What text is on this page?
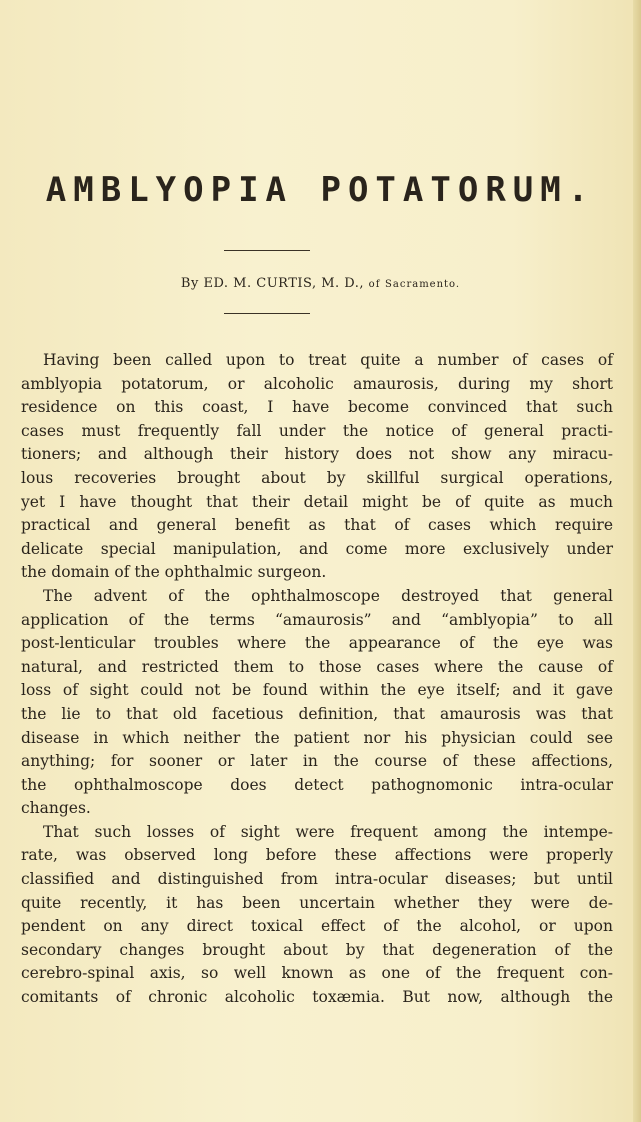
AMBLYOPIA POTATORUM.
By ED. M. CURTIS, M. D., of Sacramento.
Having been called upon to treat quite a number of cases of
amblyopia potatorum, or alcoholic amaurosis, during my short
residence on this coast, I have become convinced that such
cases must frequently fall under the notice of general practi-
tioners; and although their history does not show any miracu-
lous recoveries brought about by skillful surgical operations,
yet I have thought that their detail might be of quite as much
practical and general benefit as that of cases which require
delicate special manipulation, and come more exclusively under
the domain of the ophthalmic surgeon.
The advent of the ophthalmoscope destroyed that general
application of the terms “amaurosis” and “amblyopia” to all
post-lenticular troubles where the appearance of the eye was
natural, and restricted them to those cases where the cause of
loss of sight could not be found within the eye itself; and it gave
the lie to that old facetious definition, that amaurosis was that
disease in which neither the patient nor his physician could see
anything; for sooner or later in the course of these affections,
the ophthalmoscope does detect pathognomonic intra-ocular
changes.
That such losses of sight were frequent among the intempe-
rate, was observed long before these affections were properly
classified and distinguished from intra-ocular diseases; but until
quite recently, it has been uncertain whether they were de-
pendent on any direct toxical effect of the alcohol, or upon
secondary changes brought about by that degeneration of the
cerebro-spinal axis, so well known as one of the frequent con-
comitants of chronic alcoholic toxæmia. But now, although the
